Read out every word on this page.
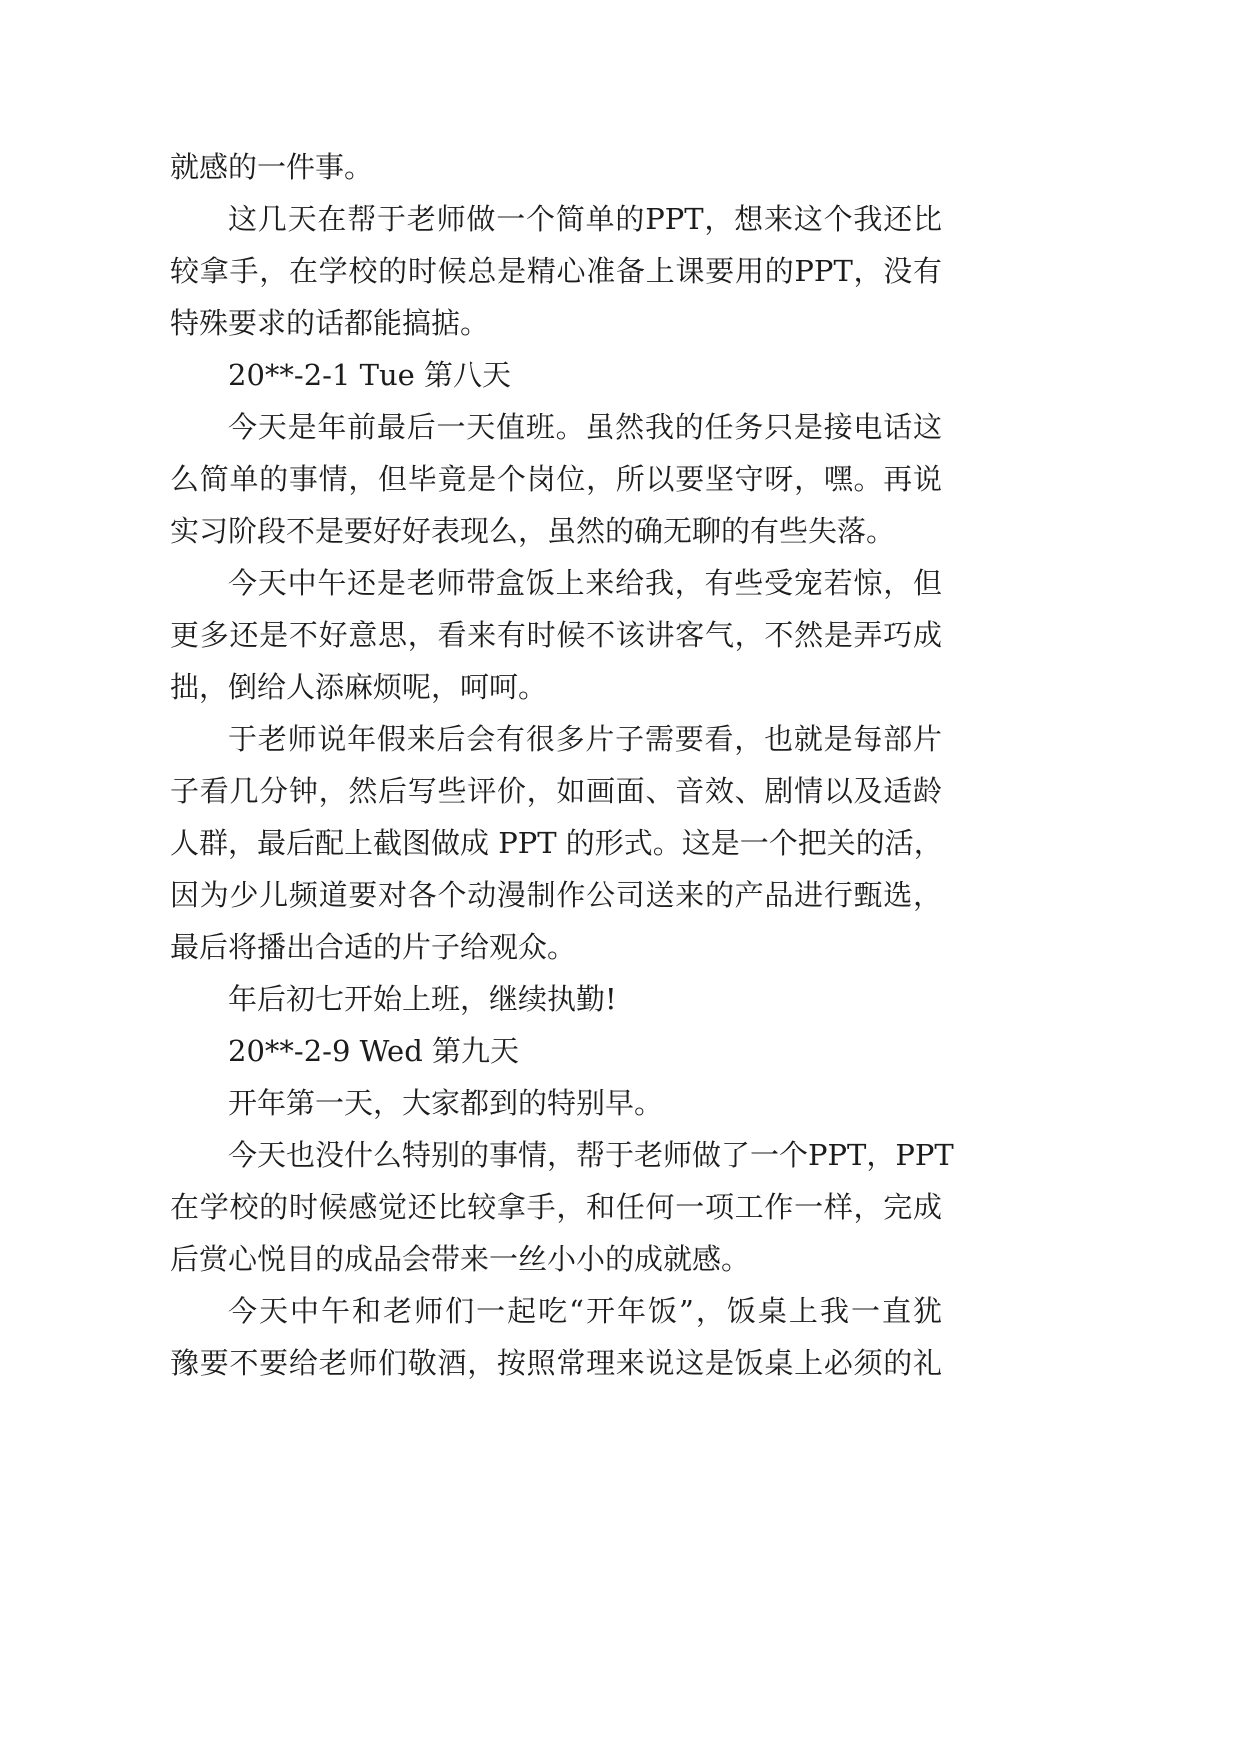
就感的一件事。
这几天在帮于老师做一个简单的PPT，想来这个我还比
较拿手，在学校的时候总是精心准备上课要用的PPT，没有
特殊要求的话都能搞掂。
20**-2-1 Tue 第八天
今天是年前最后一天值班。虽然我的任务只是接电话这
么简单的事情，但毕竟是个岗位，所以要坚守呀，嘿。再说
实习阶段不是要好好表现么，虽然的确无聊的有些失落。
今天中午还是老师带盒饭上来给我，有些受宠若惊，但
更多还是不好意思，看来有时候不该讲客气，不然是弄巧成
拙，倒给人添麻烦呢，呵呵。
于老师说年假来后会有很多片子需要看，也就是每部片
子看几分钟，然后写些评价，如画面、音效、剧情以及适龄
人群，最后配上截图做成 PPT 的形式。这是一个把关的活，
因为少儿频道要对各个动漫制作公司送来的产品进行甄选，
最后将播出合适的片子给观众。
年后初七开始上班，继续执勤!
20**-2-9 Wed 第九天
开年第一天，大家都到的特别早。
今天也没什么特别的事情，帮于老师做了一个PPT，PPT
在学校的时候感觉还比较拿手，和任何一项工作一样，完成
后赏心悦目的成品会带来一丝小小的成就感。
今天中午和老师们一起吃“开年饭”，饭桌上我一直犹
豫要不要给老师们敬酒，按照常理来说这是饭桌上必须的礼
